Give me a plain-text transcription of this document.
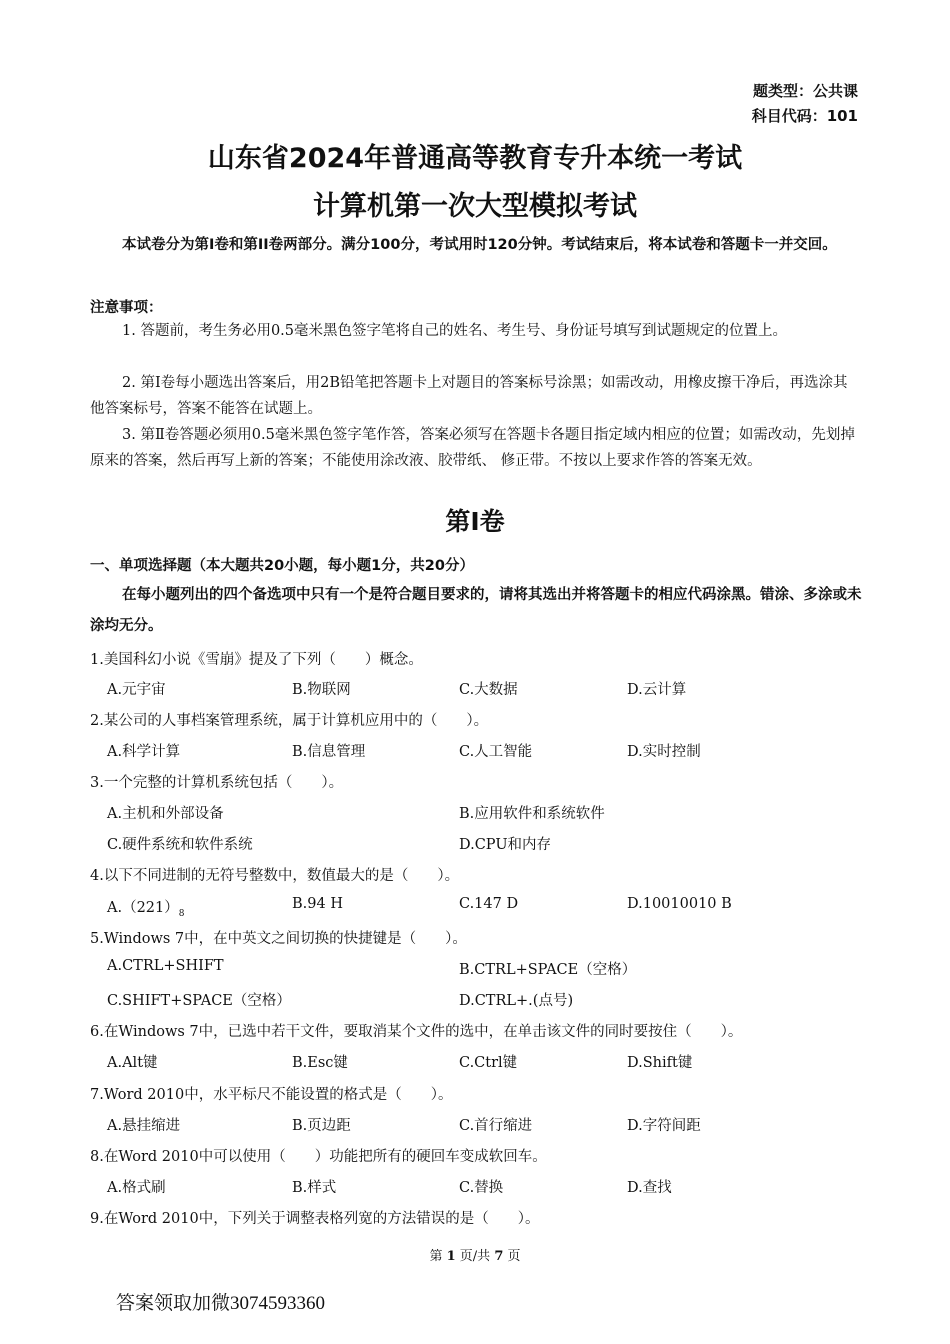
题类型：公共课
科目代码：101
山东省2024年普通高等教育专升本统一考试
计算机第一次大型模拟考试
本试卷分为第Ⅰ卷和第II卷两部分。满分100分，考试用时120分钟。考试结束后，将本试卷和答题卡一并交回。
注意事项：
1. 答题前，考生务必用0.5毫米黑色签字笔将自己的姓名、考生号、身份证号填写到试题规定的位置上。
2. 第Ⅰ卷每小题选出答案后，用2B铅笔把答题卡上对题目的答案标号涂黑；如需改动，用橡皮擦干净后，再选涂其他答案标号，答案不能答在试题上。
3. 第Ⅱ卷答题必须用0.5毫米黑色签字笔作答，答案必须写在答题卡各题目指定域内相应的位置；如需改动，先划掉原来的答案，然后再写上新的答案；不能使用涂改液、胶带纸、 修正带。不按以上要求作答的答案无效。
第Ⅰ卷
一、单项选择题（本大题共20小题，每小题1分，共20分）
在每小题列出的四个备选项中只有一个是符合题目要求的，请将其选出并将答题卡的相应代码涂黑。错涂、多涂或未涂均无分。
1.美国科幻小说《雪崩》提及了下列（　　）概念。
A.元宇宙	B.物联网	C.大数据	D.云计算
2.某公司的人事档案管理系统，属于计算机应用中的（　　）。
A.科学计算	B.信息管理	C.人工智能	D.实时控制
3.一个完整的计算机系统包括（　　）。
A.主机和外部设备	B.应用软件和系统软件
C.硬件系统和软件系统	D.CPU和内存
4.以下不同进制的无符号整数中，数值最大的是（　　）。
$A.(221)_8$
B.94 H	C.147 D	D.10010010 B
5.Windows 7中，在中英文之间切换的快捷键是（　　）。
A.CTRL+SHIFT	B.CTRL+SPACE（空格）
C.SHIFT+SPACE（空格）	D.CTRL+.(点号)
6.在Windows 7中，已选中若干文件，要取消某个文件的选中，在单击该文件的同时要按住（　　）。
A.Alt键	B.Esc键	C.Ctrl键	D.Shift键
7.Word 2010中，水平标尺不能设置的格式是（　　）。
A.悬挂缩进	B.页边距	C.首行缩进	D.字符间距
8.在Word 2010中可以使用（　　）功能把所有的硬回车变成软回车。
A.格式刷	B.样式	C.替换	D.查找
9.在Word 2010中，下列关于调整表格列宽的方法错误的是（　　）。
第 1 页/共 7 页
答案领取加微3074593360
